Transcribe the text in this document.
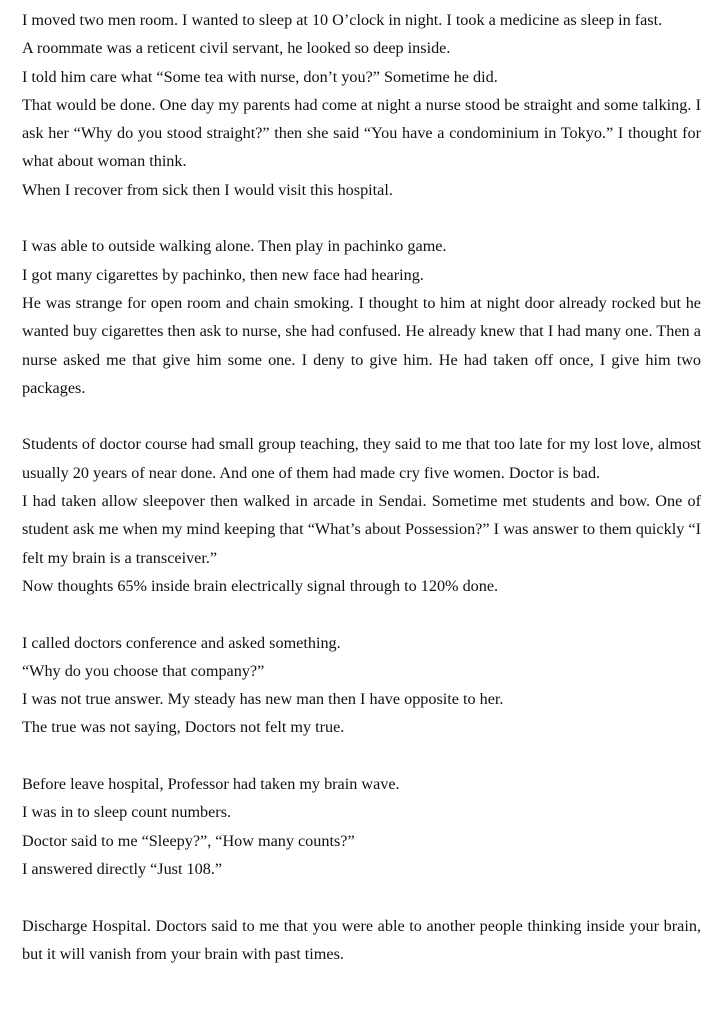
I moved two men room. I wanted to sleep at 10 O’clock in night. I took a medicine as sleep in fast.

A roommate was a reticent civil servant, he looked so deep inside.

I told him care what “Some tea with nurse, don’t you?” Sometime he did.

That would be done. One day my parents had come at night a nurse stood be straight and some talking. I ask her “Why do you stood straight?” then she said “You have a condominium in Tokyo.” I thought for what about woman think.

When I recover from sick then I would visit this hospital.

I was able to outside walking alone. Then play in pachinko game.

I got many cigarettes by pachinko, then new face had hearing.

He was strange for open room and chain smoking. I thought to him at night door already rocked but he wanted buy cigarettes then ask to nurse, she had confused. He already knew that I had many one. Then a nurse asked me that give him some one. I deny to give him. He had taken off once, I give him two packages.

Students of doctor course had small group teaching, they said to me that too late for my lost love, almost usually 20 years of near done. And one of them had made cry five women. Doctor is bad.

I had taken allow sleepover then walked in arcade in Sendai. Sometime met students and bow. One of student ask me when my mind keeping that “What’s about Possession?” I was answer to them quickly “I felt my brain is a transceiver.”

Now thoughts 65% inside brain electrically signal through to 120% done.

I called doctors conference and asked something.

“Why do you choose that company?”

I was not true answer. My steady has new man then I have opposite to her.

The true was not saying, Doctors not felt my true.

Before leave hospital, Professor had taken my brain wave.

I was in to sleep count numbers.

Doctor said to me “Sleepy?”, “How many counts?”

I answered directly “Just 108.”

Discharge Hospital. Doctors said to me that you were able to another people thinking inside your brain, but it will vanish from your brain with past times.
